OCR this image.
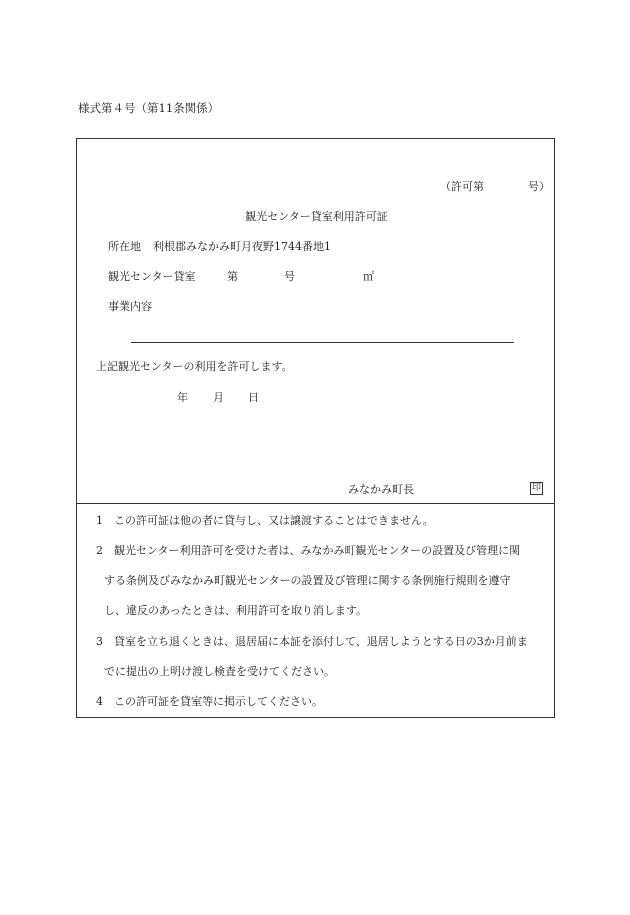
様式第４号（第11条関係）
（許可第	号）
観光センター貸室利用許可証
所在地 利根郡みなかみ町月夜野1744番地1
観光センター貸室	第	号	㎡
事業内容
上記観光センターの利用を許可します。
年 月 日
みなかみ町長	印
1　この許可証は他の者に貸与し、又は譲渡することはできません。
2　観光センター利用許可を受けた者は、みなかみ町観光センターの設置及び管理に関
する条例及びみなかみ町観光センターの設置及び管理に関する条例施行規則を遵守
し、違反のあったときは、利用許可を取り消します。
3　貸室を立ち退くときは、退居届に本証を添付して、退居しようとする日の3か月前ま
でに提出の上明け渡し検査を受けてください。
4　この許可証を貸室等に掲示してください。
